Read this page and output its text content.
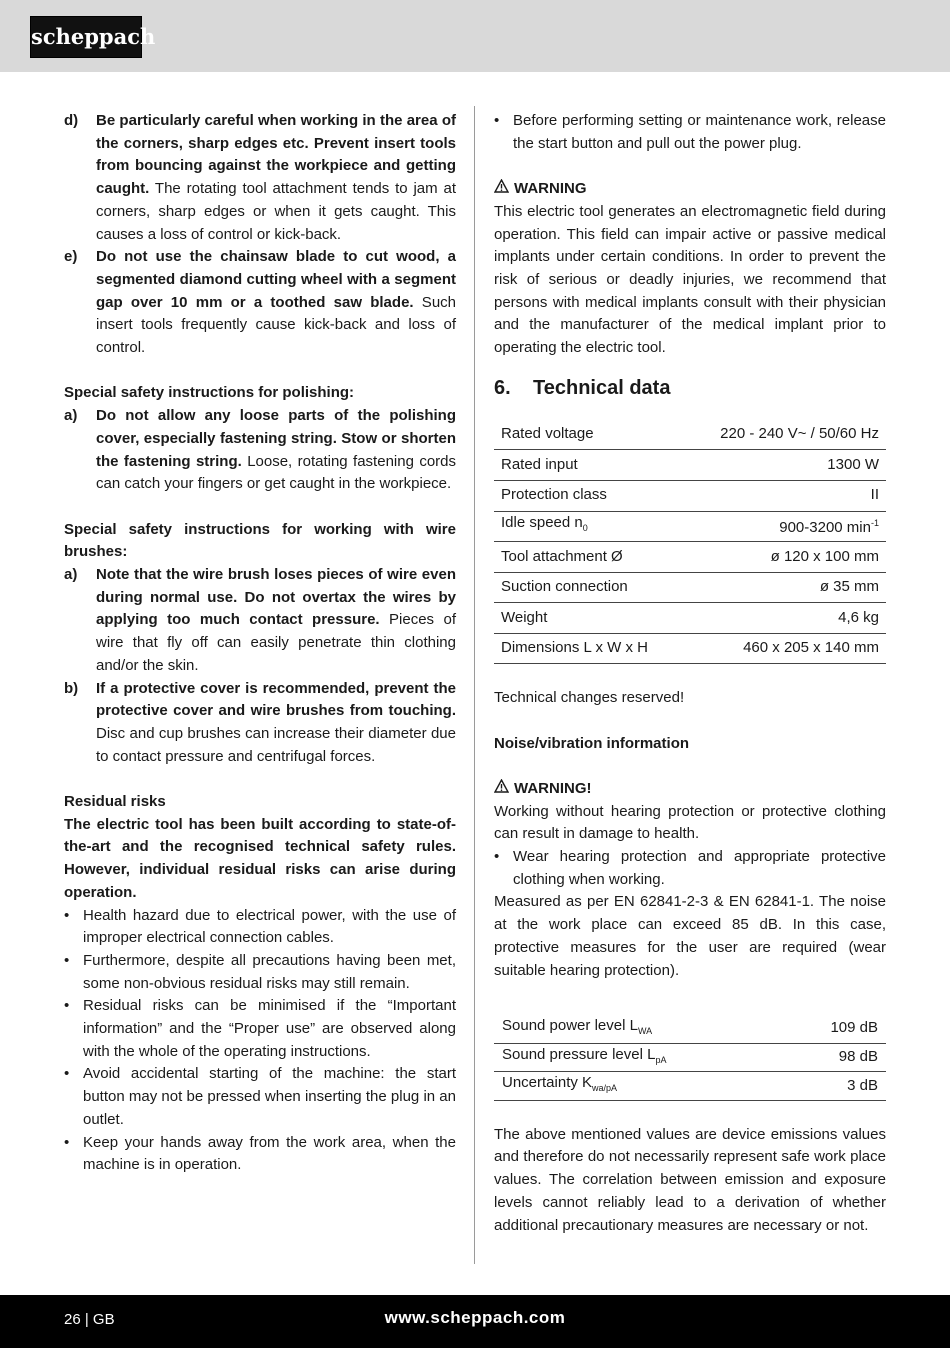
scheppach
d)	Be particularly careful when working in the area of the corners, sharp edges etc. Prevent insert tools from bouncing against the workpiece and getting caught. The rotating tool attachment tends to jam at corners, sharp edges or when it gets caught. This causes a loss of control or kick-back.
e)	Do not use the chainsaw blade to cut wood, a segmented diamond cutting wheel with a segment gap over 10 mm or a toothed saw blade. Such insert tools frequently cause kick-back and loss of control.

Special safety instructions for polishing:

a)	Do not allow any loose parts of the polishing cover, especially fastening string. Stow or shorten the fastening string. Loose, rotating fastening cords can catch your fingers or get caught in the workpiece.

Special safety instructions for working with wire brushes:

a)	Note that the wire brush loses pieces of wire even during normal use. Do not overtax the wires by applying too much contact pressure. Pieces of wire that fly off can easily penetrate thin clothing and/or the skin.
b)	If a protective cover is recommended, prevent the protective cover and wire brushes from touching. Disc and cup brushes can increase their diameter due to contact pressure and centrifugal forces.

Residual risks

The electric tool has been built according to state-of-the-art and the recognised technical safety rules. However, individual residual risks can arise during operation.

• Health hazard due to electrical power, with the use of improper electrical connection cables.
• Furthermore, despite all precautions having been met, some non-obvious residual risks may still remain.
• Residual risks can be minimised if the “Important information” and the “Proper use” are observed along with the whole of the operating instructions.
• Avoid accidental starting of the machine: the start button may not be pressed when inserting the plug in an outlet.
• Keep your hands away from the work area, when the machine is in operation.
• Before performing setting or maintenance work, release the start button and pull out the power plug.
WARNING

This electric tool generates an electromagnetic field during operation. This field can impair active or passive medical implants under certain conditions. In order to prevent the risk of serious or deadly injuries, we recommend that persons with medical implants consult with their physician and the manufacturer of the medical implant prior to operating the electric tool.

6. Technical data
Rated voltage	220 - 240 V~ / 50/60 Hz
Rated input	1300 W
Protection class	II
Idle speed $n_0$	900-3200 $\min^{-1}$
Tool attachment Ø	ø 120 x 100 mm
Suction connection	ø 35 mm
Weight	4,6 kg
Dimensions L x W x H	460 x 205 x 140 mm

Technical changes reserved!

Noise/vibration information

WARNING!

Working without hearing protection or protective clothing can result in damage to health.

• Wear hearing protection and appropriate protective clothing when working.

Measured as per EN 62841-2-3 & EN 62841-1. The noise at the work place can exceed 85 dB. In this case, protective measures for the user are required (wear suitable hearing protection).

Sound power level $L_{WA}$	109 dB
Sound pressure level $L_{pA}$	98 dB
Uncertainty $K_{wa/pA}$	3 dB

The above mentioned values are device emissions values and therefore do not necessarily represent safe work place values. The correlation between emission and exposure levels cannot reliably lead to a derivation of whether additional precautionary measures are necessary or not.

26 | GB	www.scheppach.com
